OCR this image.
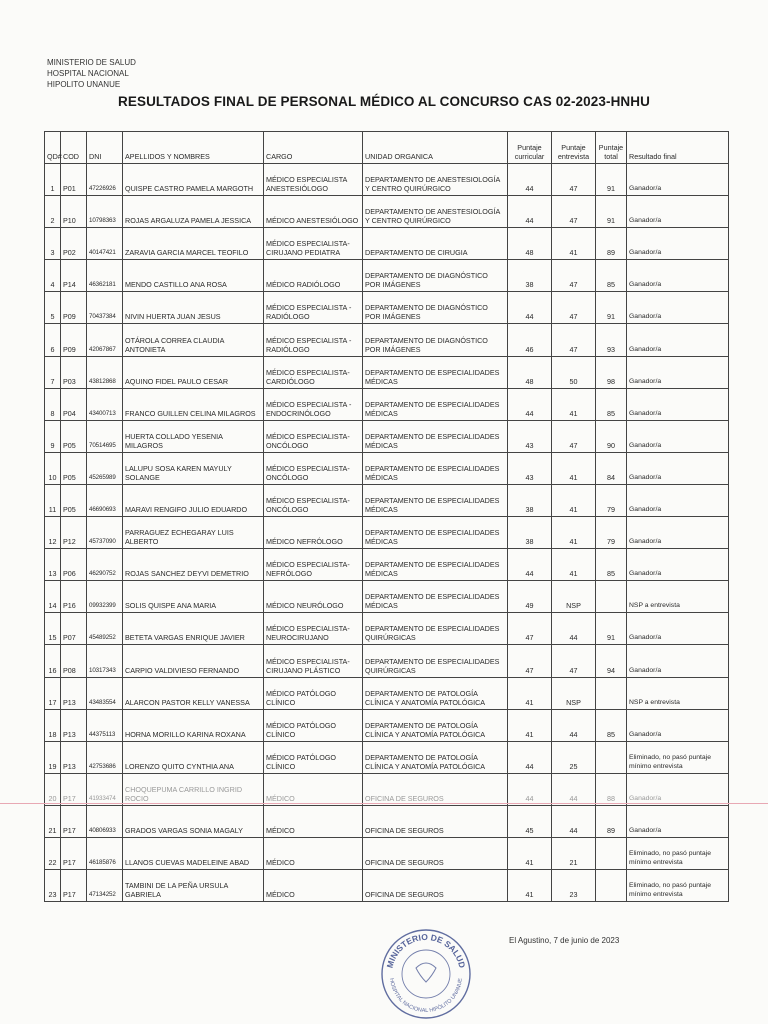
MINISTERIO DE SALUD
HOSPITAL NACIONAL
HIPOLITO UNANUE
RESULTADOS FINAL DE PERSONAL MÉDICO AL CONCURSO CAS 02-2023-HNHU
QD#	COD	DNI	APELLIDOS Y NOMBRES	CARGO	UNIDAD ORGANICA	Puntaje curricular	Puntaje entrevista	Puntaje total	Resultado final
1	P01	47226926	QUISPE CASTRO PAMELA MARGOTH	MÉDICO ESPECIALISTA ANESTESIÓLOGO	DEPARTAMENTO DE ANESTESIOLOGÍA Y CENTRO QUIRÚRGICO	44	47	91	Ganador/a
2	P10	10798363	ROJAS ARGALUZA PAMELA JESSICA	MÉDICO ANESTESIÓLOGO	DEPARTAMENTO DE ANESTESIOLOGÍA Y CENTRO QUIRÚRGICO	44	47	91	Ganador/a
3	P02	40147421	ZARAVIA GARCIA MARCEL TEOFILO	MÉDICO ESPECIALISTA-CIRUJANO PEDIATRA	DEPARTAMENTO DE CIRUGIA	48	41	89	Ganador/a
4	P14	46362181	MENDO CASTILLO ANA ROSA	MÉDICO RADIÓLOGO	DEPARTAMENTO DE DIAGNÓSTICO POR IMÁGENES	38	47	85	Ganador/a
5	P09	70437384	NIVIN HUERTA JUAN JESUS	MÉDICO ESPECIALISTA - RADIÓLOGO	DEPARTAMENTO DE DIAGNÓSTICO POR IMÁGENES	44	47	91	Ganador/a
6	P09	42067867	OTÁROLA CORREA CLAUDIA ANTONIETA	MÉDICO ESPECIALISTA - RADIÓLOGO	DEPARTAMENTO DE DIAGNÓSTICO POR IMÁGENES	46	47	93	Ganador/a
7	P03	43812868	AQUINO FIDEL PAULO CESAR	MÉDICO ESPECIALISTA-CARDIÓLOGO	DEPARTAMENTO DE ESPECIALIDADES MÉDICAS	48	50	98	Ganador/a
8	P04	43400713	FRANCO GUILLEN CELINA MILAGROS	MÉDICO ESPECIALISTA - ENDOCRINÓLOGO	DEPARTAMENTO DE ESPECIALIDADES MÉDICAS	44	41	85	Ganador/a
9	P05	70514695	HUERTA COLLADO YESENIA MILAGROS	MÉDICO ESPECIALISTA-ONCÓLOGO	DEPARTAMENTO DE ESPECIALIDADES MÉDICAS	43	47	90	Ganador/a
10	P05	45265989	LALUPU SOSA KAREN MAYULY SOLANGE	MÉDICO ESPECIALISTA-ONCÓLOGO	DEPARTAMENTO DE ESPECIALIDADES MÉDICAS	43	41	84	Ganador/a
11	P05	46690693	MARAVI RENGIFO JULIO EDUARDO	MÉDICO ESPECIALISTA-ONCÓLOGO	DEPARTAMENTO DE ESPECIALIDADES MÉDICAS	38	41	79	Ganador/a
12	P12	45737090	PARRAGUEZ ECHEGARAY LUIS ALBERTO	MÉDICO NEFRÓLOGO	DEPARTAMENTO DE ESPECIALIDADES MÉDICAS	38	41	79	Ganador/a
13	P06	46290752	ROJAS SANCHEZ DEYVI DEMETRIO	MÉDICO ESPECIALISTA-NEFRÓLOGO	DEPARTAMENTO DE ESPECIALIDADES MÉDICAS	44	41	85	Ganador/a
14	P16	09932399	SOLIS QUISPE ANA MARIA	MÉDICO NEURÓLOGO	DEPARTAMENTO DE ESPECIALIDADES MÉDICAS	49	NSP		NSP a entrevista
15	P07	45489252	BETETA VARGAS ENRIQUE JAVIER	MÉDICO ESPECIALISTA-NEUROCIRUJANO	DEPARTAMENTO DE ESPECIALIDADES QUIRÚRGICAS	47	44	91	Ganador/a
16	P08	10317343	CARPIO VALDIVIESO FERNANDO	MÉDICO ESPECIALISTA-CIRUJANO PLÁSTICO	DEPARTAMENTO DE ESPECIALIDADES QUIRÚRGICAS	47	47	94	Ganador/a
17	P13	43483554	ALARCON PASTOR KELLY VANESSA	MÉDICO PATÓLOGO CLÍNICO	DEPARTAMENTO DE PATOLOGÍA CLÍNICA Y ANATOMÍA PATOLÓGICA	41	NSP		NSP a entrevista
18	P13	44375113	HORNA MORILLO KARINA ROXANA	MÉDICO PATÓLOGO CLÍNICO	DEPARTAMENTO DE PATOLOGÍA CLÍNICA Y ANATOMÍA PATOLÓGICA	41	44	85	Ganador/a
19	P13	42753686	LORENZO QUITO CYNTHIA ANA	MÉDICO PATÓLOGO CLÍNICO	DEPARTAMENTO DE PATOLOGÍA CLÍNICA Y ANATOMÍA PATOLÓGICA	44	25		Eliminado, no pasó puntaje mínimo entrevista
20	P17	41933474	CHOQUEPUMA CARRILLO INGRID ROCIO	MÉDICO	OFICINA DE SEGUROS	44	44	88	Ganador/a
21	P17	40806933	GRADOS VARGAS SONIA MAGALY	MÉDICO	OFICINA DE SEGUROS	45	44	89	Ganador/a
22	P17	46185876	LLANOS CUEVAS MADELEINE ABAD	MÉDICO	OFICINA DE SEGUROS	41	21		Eliminado, no pasó puntaje mínimo entrevista
23	P17	47134252	TAMBINI DE LA PEÑA URSULA GABRIELA	MÉDICO	OFICINA DE SEGUROS	41	23		Eliminado, no pasó puntaje mínimo entrevista
El Agustino, 7 de junio de 2023
MINISTERIO DE SALUD
HOSPITAL NACIONAL HIPÓLITO UNANUE
